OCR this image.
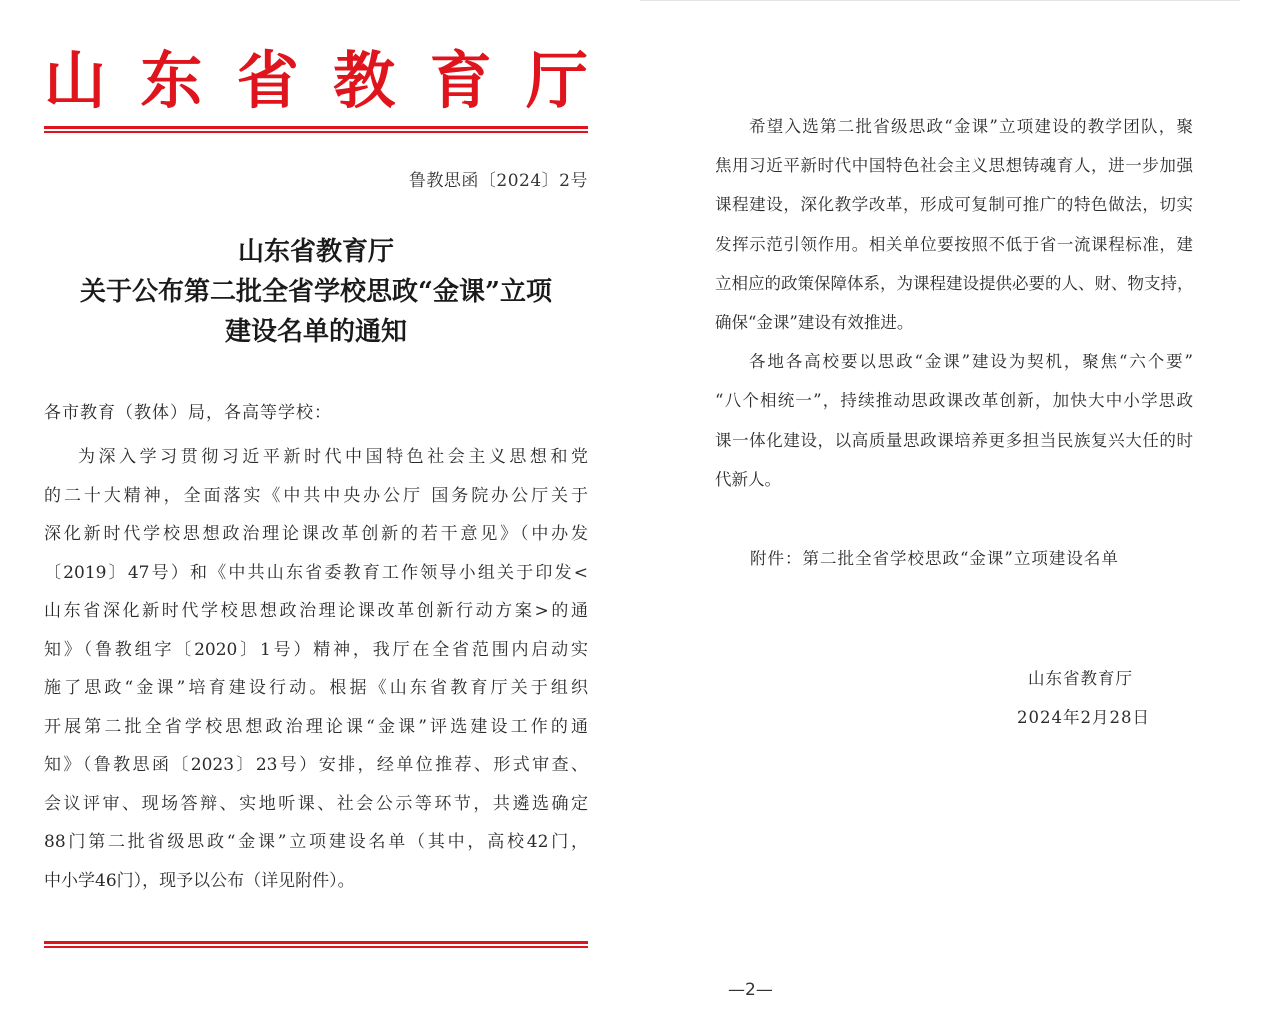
山 东 省 教 育 厅
鲁教思函〔2024〕2号
山东省教育厅
关于公布第二批全省学校思政“金课”立项
建设名单的通知
各市教育（教体）局，各高等学校：
为深入学习贯彻习近平新时代中国特色社会主义思想和党
的二十大精神，全面落实《中共中央办公厅 国务院办公厅关于
深化新时代学校思想政治理论课改革创新的若干意见》（中办发
〔2019〕47号）和《中共山东省委教育工作领导小组关于印发<
山东省深化新时代学校思想政治理论课改革创新行动方案>的通
知》（鲁教组字〔2020〕1号）精神，我厅在全省范围内启动实
施了思政“金课”培育建设行动。根据《山东省教育厅关于组织
开展第二批全省学校思想政治理论课“金课”评选建设工作的通
知》（鲁教思函〔2023〕23号）安排，经单位推荐、形式审查、
会议评审、现场答辩、实地听课、社会公示等环节，共遴选确定
88门第二批省级思政“金课”立项建设名单（其中，高校42门，
中小学46门），现予以公布（详见附件）。
希望入选第二批省级思政“金课”立项建设的教学团队，聚
焦用习近平新时代中国特色社会主义思想铸魂育人，进一步加强
课程建设，深化教学改革，形成可复制可推广的特色做法，切实
发挥示范引领作用。相关单位要按照不低于省一流课程标准，建
立相应的政策保障体系，为课程建设提供必要的人、财、物支持，
确保“金课”建设有效推进。
各地各高校要以思政“金课”建设为契机，聚焦“六个要”
“八个相统一”，持续推动思政课改革创新，加快大中小学思政
课一体化建设，以高质量思政课培养更多担当民族复兴大任的时
代新人。
附件：第二批全省学校思政“金课”立项建设名单
山东省教育厅
2024年2月28日
—2—
